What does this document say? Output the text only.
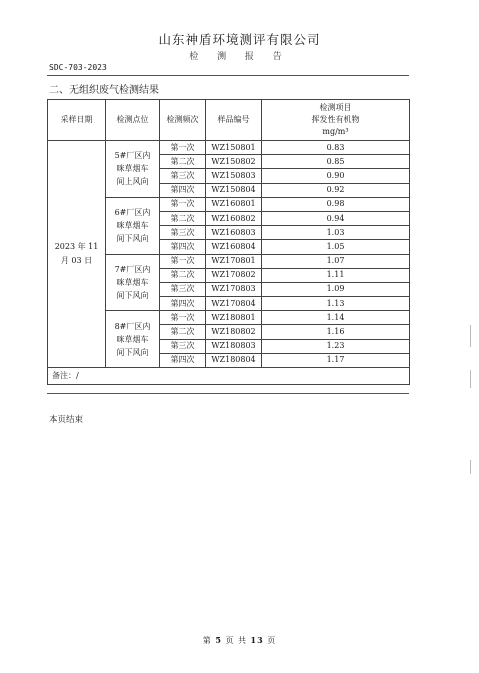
山东神盾环境测评有限公司
检 测 报 告
SDC-703-2023
二、无组织废气检测结果
采样日期	检测点位	检测频次	样品编号	检测项目
挥发性有机物
mg/m³

2023 年 11 月 03 日	5#厂区内咪草烟车间上风向	第一次	WZ150801	0.83
		第二次	WZ150802	0.85
		第三次	WZ150803	0.90
		第四次	WZ150804	0.92
	6#厂区内咪草烟车间下风向	第一次	WZ160801	0.98
		第二次	WZ160802	0.94
		第三次	WZ160803	1.03
		第四次	WZ160804	1.05
	7#厂区内咪草烟车间下风向	第一次	WZ170801	1.07
		第二次	WZ170802	1.11
		第三次	WZ170803	1.09
		第四次	WZ170804	1.13
	8#厂区内咪草烟车间下风向	第一次	WZ180801	1.14
		第二次	WZ180802	1.16
		第三次	WZ180803	1.23
		第四次	WZ180804	1.17
备注：/				
本页结束
第 5 页 共 13 页
